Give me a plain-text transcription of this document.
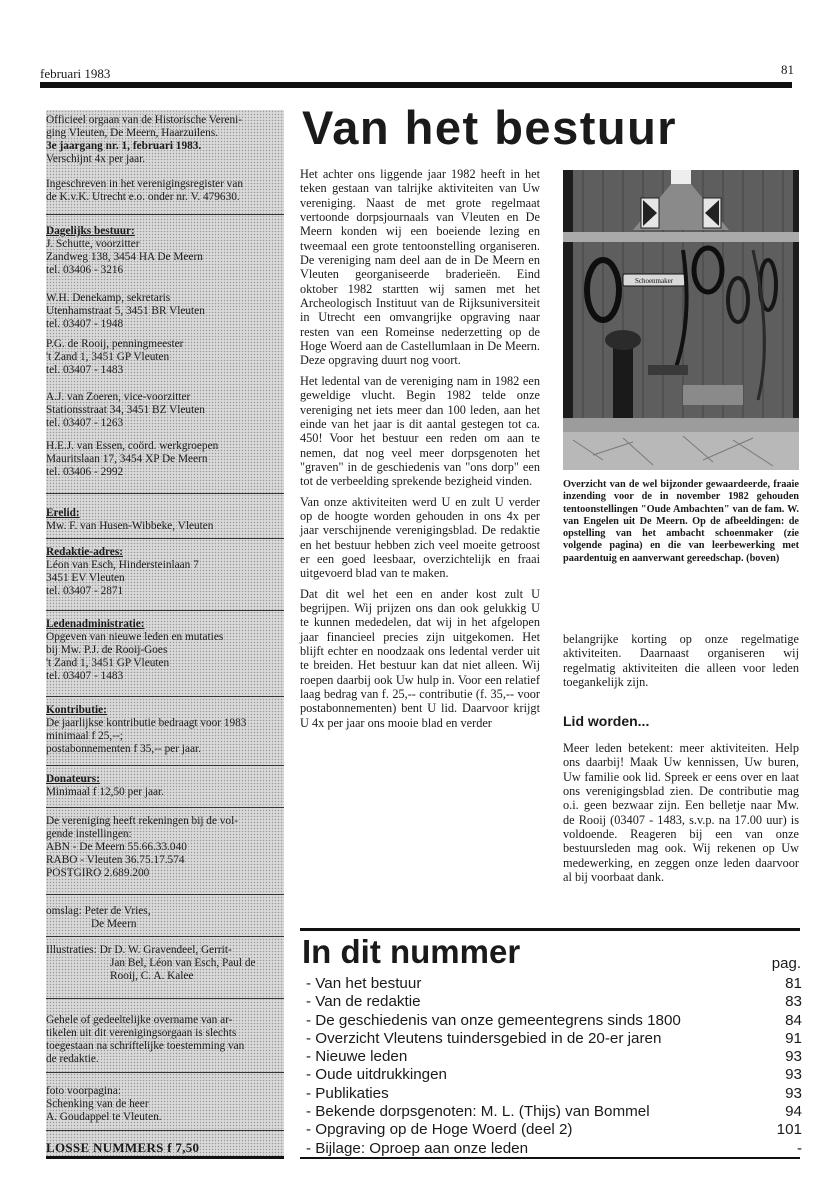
februari 1983	81
Officieel orgaan van de Historische Vereni-
ging Vleuten, De Meern, Haarzuilens.
3e jaargang nr. 1, februari 1983.
Verschijnt 4x per jaar.
Ingeschreven in het verenigingsregister van
de K.v.K. Utrecht e.o. onder nr. V. 479630.
Dagelijks bestuur:
J. Schutte, voorzitter
Zandweg 138, 3454 HA De Meern
tel. 03406 - 3216
W.H. Denekamp, sekretaris
Utenhamstraat 5, 3451 BR Vleuten
tel. 03407 - 1948
P.G. de Rooij, penningmeester
't Zand 1, 3451 GP Vleuten
tel. 03407 - 1483
A.J. van Zoeren, vice-voorzitter
Stationsstraat 34, 3451 BZ Vleuten
tel. 03407 - 1263
H.E.J. van Essen, coörd. werkgroepen
Mauritslaan 17, 3454 XP De Meern
tel. 03406 - 2992
Erelid:
Mw. F. van Husen-Wibbeke, Vleuten
Redaktie-adres:
Léon van Esch, Hindersteinlaan 7
3451 EV Vleuten
tel. 03407 - 2871
Ledenadministratie:
Opgeven van nieuwe leden en mutaties
bij Mw. P.J. de Rooij-Goes
't Zand 1, 3451 GP Vleuten
tel. 03407 - 1483
Kontributie:
De jaarlijkse kontributie bedraagt voor 1983
minimaal f 25,--;
postabonnementen f 35,-- per jaar.
Donateurs:
Minimaal f 12,50 per jaar.
De vereniging heeft rekeningen bij de vol-
gende instellingen:
ABN - De Meern 55.66.33.040
RABO - Vleuten 36.75.17.574
POSTGIRO 2.689.200
omslag: Peter de Vries,
De Meern
Illustraties: Dr D. W. Gravendeel, Gerrit-
Jan Bel, Léon van Esch, Paul de
Rooij, C. A. Kalee
Gehele of gedeeltelijke overname van ar-
tikelen uit dit verenigingsorgaan is slechts
toegestaan na schriftelijke toestemming van
de redaktie.
foto voorpagina:
Schenking van de heer
A. Goudappel te Vleuten.
LOSSE NUMMERS f 7,50
Van het bestuur

Het achter ons liggende jaar 1982 heeft in het teken gestaan van talrijke aktiviteiten van Uw vereniging. Naast de met grote regelmaat vertoonde dorpsjournaals van Vleuten en De Meern konden wij een boeiende lezing en tweemaal een grote tentoonstelling organiseren. De vereniging nam deel aan de in De Meern en Vleuten georganiseerde braderieën. Eind oktober 1982 startten wij samen met het Archeologisch Instituut van de Rijksuniversiteit in Utrecht een omvangrijke opgraving naar resten van een Romeinse nederzetting op de Hoge Woerd aan de Castellumlaan in De Meern. Deze opgraving duurt nog voort.

Het ledental van de vereniging nam in 1982 een geweldige vlucht. Begin 1982 telde onze vereniging net iets meer dan 100 leden, aan het einde van het jaar is dit aantal gestegen tot ca. 450! Voor het bestuur een reden om aan te nemen, dat nog veel meer dorpsgenoten het "graven" in de geschiedenis van "ons dorp" een tot de verbeelding sprekende bezigheid vinden.

Van onze aktiviteiten werd U en zult U verder op de hoogte worden gehouden in ons 4x per jaar verschijnende verenigingsblad. De redaktie en het bestuur hebben zich veel moeite getroost er een goed leesbaar, overzichtelijk en fraai uitgevoerd blad van te maken.

Dat dit wel het een en ander kost zult U begrijpen. Wij prijzen ons dan ook gelukkig U te kunnen mededelen, dat wij in het afgelopen jaar financieel precies zijn uitgekomen. Het blijft echter en noodzaak ons ledental verder uit te breiden. Het bestuur kan dat niet alleen. Wij roepen daarbij ook Uw hulp in. Voor een relatief laag bedrag van f. 25,-- contributie (f. 35,-- voor postabonnementen) bent U lid. Daarvoor krijgt U 4x per jaar ons mooie blad en verder

Schoenmaker
Overzicht van de wel bijzonder gewaardeerde, fraaie inzending voor de in november 1982 gehouden tentoonstellingen "Oude Ambachten" van de fam. W. van Engelen uit De Meern. Op de afbeeldingen: de opstelling van het ambacht schoenmaker (zie volgende pagina) en die van leerbewerking met paardentuig en aanverwant gereedschap. (boven)
belangrijke korting op onze regelmatige aktiviteiten. Daarnaast organiseren wij regelmatig aktiviteiten die alleen voor leden toegankelijk zijn.
Lid worden...
Meer leden betekent: meer aktiviteiten. Help ons daarbij! Maak Uw kennissen, Uw buren, Uw familie ook lid. Spreek er eens over en laat ons verenigingsblad zien. De contributie mag o.i. geen bezwaar zijn. Een belletje naar Mw. de Rooij (03407 - 1483, s.v.p. na 17.00 uur) is voldoende. Reageren bij een van onze bestuursleden mag ook. Wij rekenen op Uw medewerking, en zeggen onze leden daarvoor al bij voorbaat dank.
In dit nummer	pag.
- Van het bestuur	81
- Van de redaktie	83
- De geschiedenis van onze gemeentegrens sinds 1800	84
- Overzicht Vleutens tuindersgebied in de 20-er jaren	91
- Nieuwe leden	93
- Oude uitdrukkingen	93
- Publikaties	93
- Bekende dorpsgenoten: M. L. (Thijs) van Bommel	94
- Opgraving op de Hoge Woerd (deel 2)	101
- Bijlage: Oproep aan onze leden	-
